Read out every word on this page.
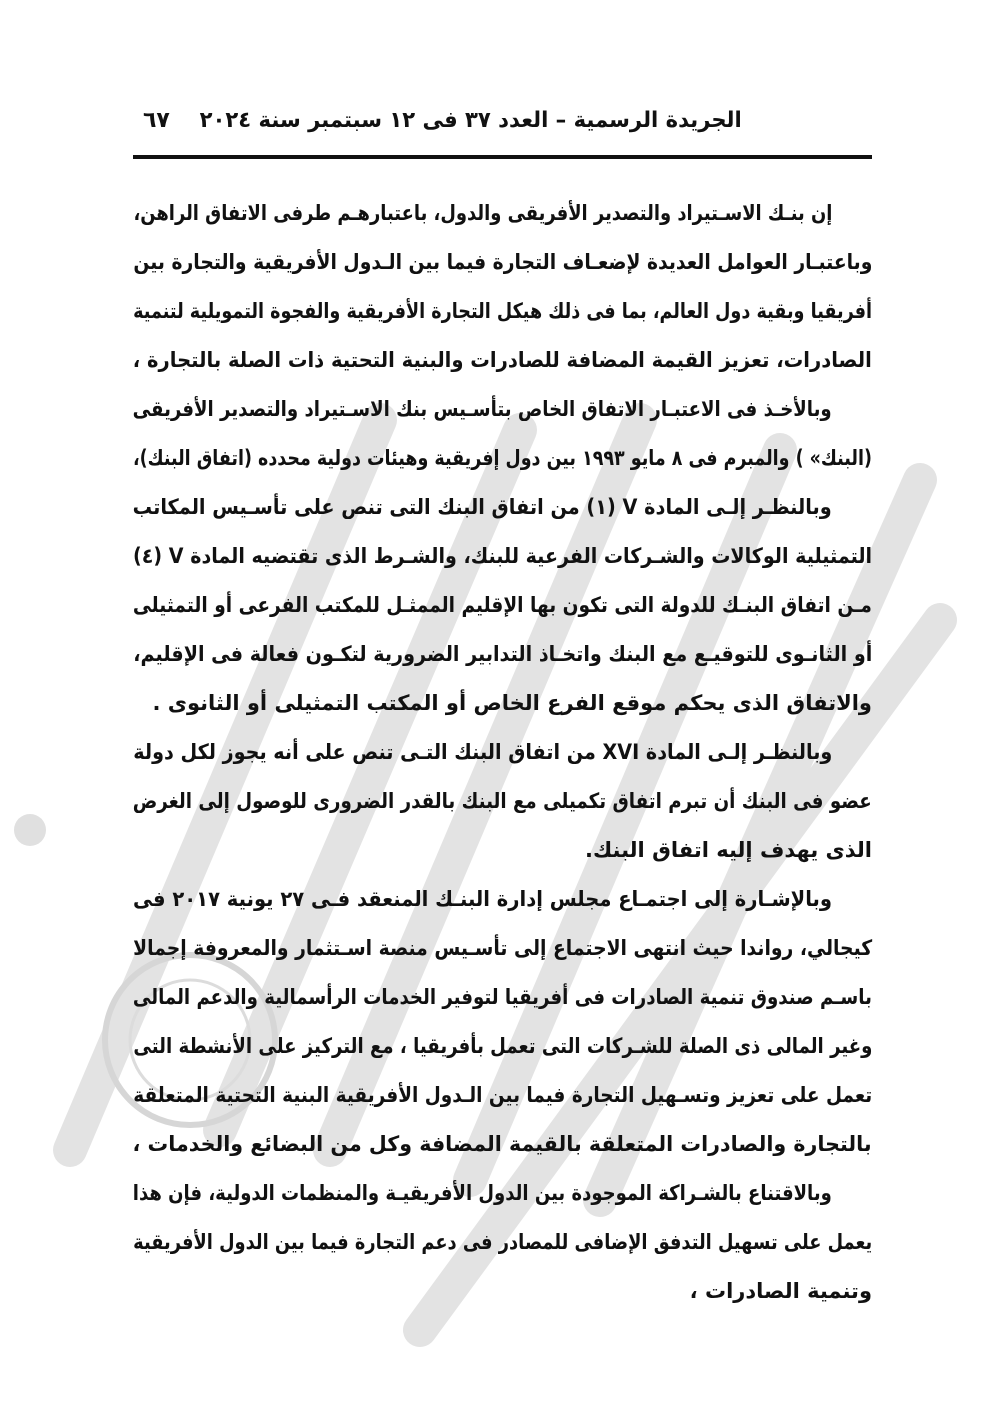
الجريدة الرسمية – العدد ٣٧ فى ١٢ سبتمبر سنة ٢٠٢٤
٦٧
إن بنـك الاسـتيراد والتصدير الأفريقى والدول، باعتبارهـم طرفى الاتفاق الراهن،
وباعتبـار العوامل العديدة لإضعـاف التجارة فيما بين الـدول الأفريقية والتجارة بين
أفريقيا وبقية دول العالم، بما فى ذلك هيكل التجارة الأفريقية والفجوة التمويلية لتنمية
الصادرات، تعزيز القيمة المضافة للصادرات والبنية التحتية ذات الصلة بالتجارة ،
وبالأخـذ فى الاعتبـار الاتفاق الخاص بتأسـيس بنك الاسـتيراد والتصدير الأفريقى
(البنك» ) والمبرم فى ٨ مايو ١٩٩٣ بين دول إفريقية وهيئات دولية محدده (اتفاق البنك)،
وبالنظـر إلـى المادة V (١) من اتفاق البنك التى تنص على تأسـيس المكاتب
التمثيلية الوكالات والشـركات الفرعية للبنك، والشـرط الذى تقتضيه المادة V (٤)
مـن اتفاق البنـك للدولة التى تكون بها الإقليم الممثـل للمكتب الفرعى أو التمثيلى
أو الثانـوى للتوقيـع مع البنك واتخـاذ التدابير الضرورية لتكـون فعالة فى الإقليم،
والاتفاق الذى يحكم موقع الفرع الخاص أو المكتب التمثيلى أو الثانوى .
وبالنظـر إلـى المادة XVI من اتفاق البنك التـى تنص على أنه يجوز لكل دولة
عضو فى البنك أن تبرم اتفاق تكميلى مع البنك بالقدر الضرورى للوصول إلى الغرض
الذى يهدف إليه اتفاق البنك.
وبالإشـارة إلى اجتمـاع مجلس إدارة البنـك المنعقد فـى ٢٧ يونية ٢٠١٧ فى
كيجالي، رواندا حيث انتهى الاجتماع إلى تأسـيس منصة اسـتثمار والمعروفة إجمالا
باسـم صندوق تنمية الصادرات فى أفريقيا لتوفير الخدمات الرأسمالية والدعم المالى
وغير المالى ذى الصلة للشـركات التى تعمل بأفريقيا ، مع التركيز على الأنشطة التى
تعمل على تعزيز وتسـهيل التجارة فيما بين الـدول الأفريقية البنية التحتية المتعلقة
بالتجارة والصادرات المتعلقة بالقيمة المضافة وكل من البضائع والخدمات ،
وبالاقتناع بالشـراكة الموجودة بين الدول الأفريقيـة والمنظمات الدولية، فإن هذا
يعمل على تسهيل التدفق الإضافى للمصادر فى دعم التجارة فيما بين الدول الأفريقية
وتنمية الصادرات ،
